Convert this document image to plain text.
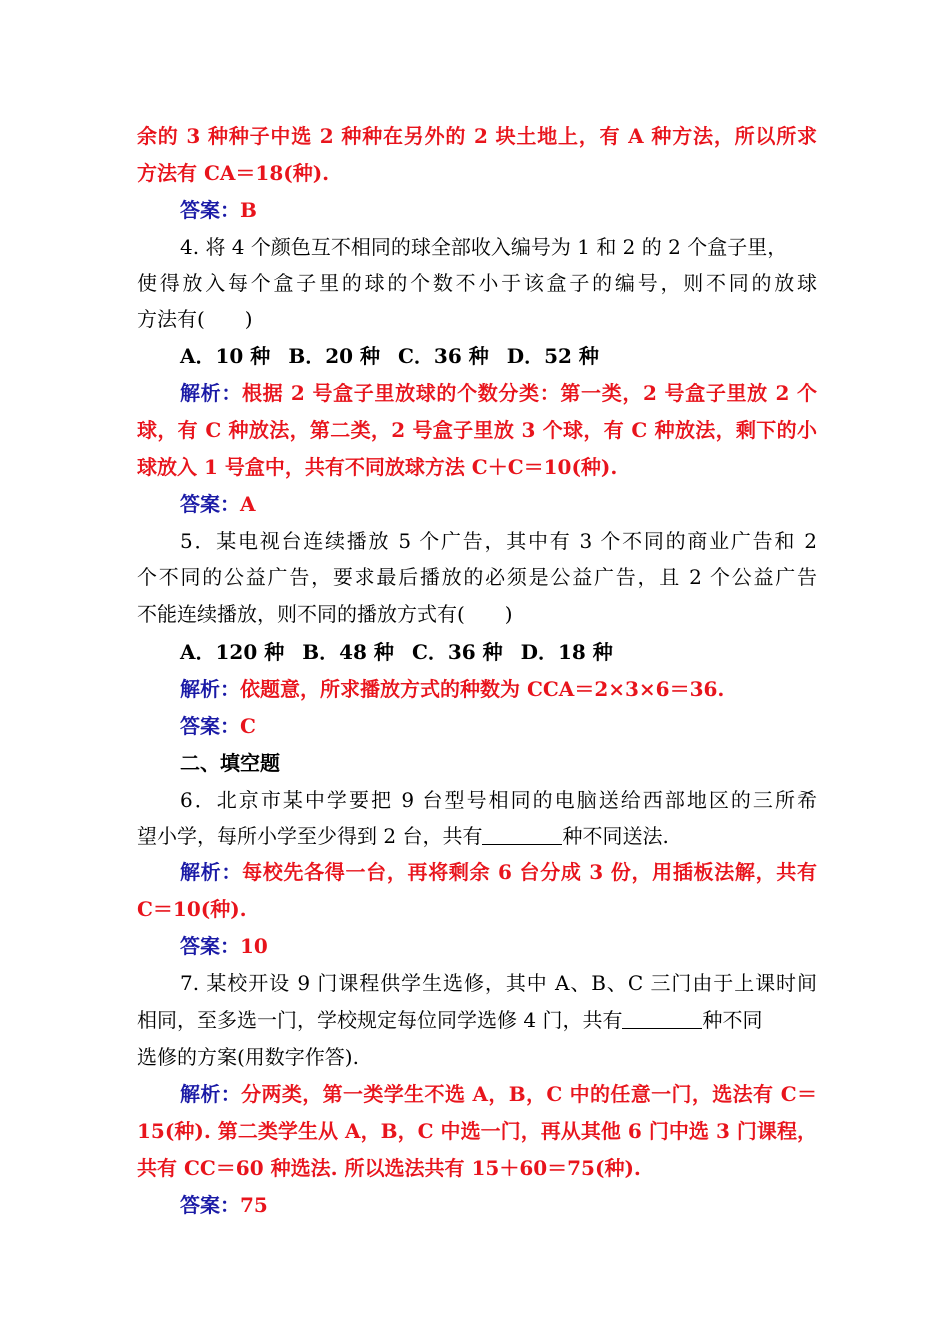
余的 3 种种子中选 2 种种在另外的 2 块土地上，有 A 种方法，所以所求
方法有 CA＝18(种).
答案：B
4. 将 4 个颜色互不相同的球全部收入编号为 1 和 2 的 2 个盒子里，
使得放入每个盒子里的球的个数不小于该盒子的编号，则不同的放球
方法有(　　)
A．10 种 B．20 种 C．36 种 D．52 种
解析：根据 2 号盒子里放球的个数分类：第一类，2 号盒子里放 2 个
球，有 C 种放法，第二类，2 号盒子里放 3 个球，有 C 种放法，剩下的小
球放入 1 号盒中，共有不同放球方法 C＋C＝10(种).
答案：A
5．某电视台连续播放 5 个广告，其中有 3 个不同的商业广告和 2
个不同的公益广告，要求最后播放的必须是公益广告，且 2 个公益广告
不能连续播放，则不同的播放方式有(　　)
A．120 种 B．48 种 C．36 种 D．18 种
解析：依题意，所求播放方式的种数为 CCA＝2×3×6＝36.
答案：C
二、填空题
6．北京市某中学要把 9 台型号相同的电脑送给西部地区的三所希
望小学，每所小学至少得到 2 台，共有	种不同送法.
解析：每校先各得一台，再将剩余 6 台分成 3 份，用插板法解，共有
C＝10(种).
答案：10
7. 某校开设 9 门课程供学生选修，其中 A、B、C 三门由于上课时间
相同，至多选一门，学校规定每位同学选修 4 门，共有	种不同
选修的方案(用数字作答).
解析：分两类，第一类学生不选 A，B，C 中的任意一门，选法有 C＝
15(种). 第二类学生从 A，B，C 中选一门，再从其他 6 门中选 3 门课程，
共有 CC＝60 种选法. 所以选法共有 15＋60＝75(种).
答案：75
